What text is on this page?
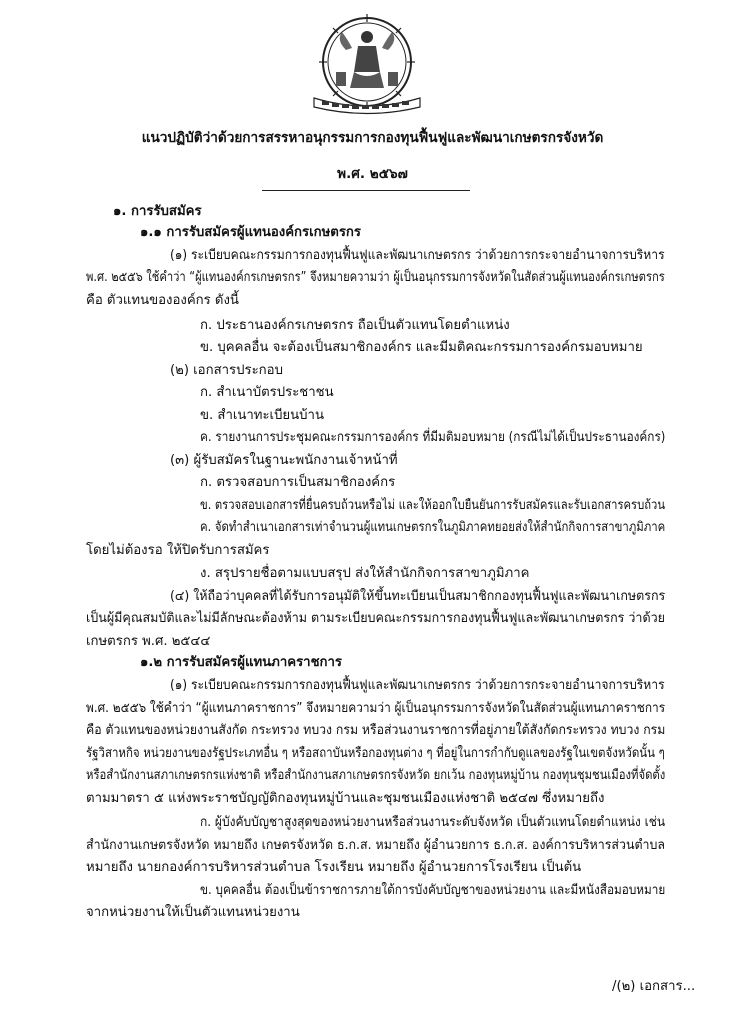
แนวปฏิบัติว่าด้วยการสรรหาอนุกรรมการกองทุนฟื้นฟูและพัฒนาเกษตรกรจังหวัด
พ.ศ. ๒๕๖๗
๑. การรับสมัคร
๑.๑ การรับสมัครผู้แทนองค์กรเกษตรกร
(๑) ระเบียบคณะกรรมการกองทุนฟื้นฟูและพัฒนาเกษตรกร ว่าด้วยการกระจายอำนาจการบริหาร
พ.ศ. ๒๕๕๖ ใช้คำว่า “ผู้แทนองค์กรเกษตรกร” จึงหมายความว่า ผู้เป็นอนุกรรมการจังหวัดในสัดส่วนผู้แทนองค์กรเกษตรกร
คือ ตัวแทนขององค์กร ดังนี้
ก. ประธานองค์กรเกษตรกร ถือเป็นตัวแทนโดยตำแหน่ง
ข. บุคคลอื่น จะต้องเป็นสมาชิกองค์กร และมีมติคณะกรรมการองค์กรมอบหมาย
(๒) เอกสารประกอบ
ก. สำเนาบัตรประชาชน
ข. สำเนาทะเบียนบ้าน
ค. รายงานการประชุมคณะกรรมการองค์กร ที่มีมติมอบหมาย (กรณีไม่ได้เป็นประธานองค์กร)
(๓) ผู้รับสมัครในฐานะพนักงานเจ้าหน้าที่
ก. ตรวจสอบการเป็นสมาชิกองค์กร
ข. ตรวจสอบเอกสารที่ยื่นครบถ้วนหรือไม่ และให้ออกใบยืนยันการรับสมัครและรับเอกสารครบถ้วน
ค. จัดทำสำเนาเอกสารเท่าจำนวนผู้แทนเกษตรกรในภูมิภาคทยอยส่งให้สำนักกิจการสาขาภูมิภาค
โดยไม่ต้องรอ ให้ปิดรับการสมัคร
ง. สรุปรายชื่อตามแบบสรุป ส่งให้สำนักกิจการสาขาภูมิภาค
(๔) ให้ถือว่าบุคคลที่ได้รับการอนุมัติให้ขึ้นทะเบียนเป็นสมาชิกกองทุนฟื้นฟูและพัฒนาเกษตรกร
เป็นผู้มีคุณสมบัติและไม่มีลักษณะต้องห้าม ตามระเบียบคณะกรรมการกองทุนฟื้นฟูและพัฒนาเกษตรกร ว่าด้วย
เกษตรกร พ.ศ. ๒๕๔๔
๑.๒ การรับสมัครผู้แทนภาคราชการ
(๑) ระเบียบคณะกรรมการกองทุนฟื้นฟูและพัฒนาเกษตรกร ว่าด้วยการกระจายอำนาจการบริหาร
พ.ศ. ๒๕๕๖ ใช้คำว่า “ผู้แทนภาคราชการ” จึงหมายความว่า ผู้เป็นอนุกรรมการจังหวัดในสัดส่วนผู้แทนภาคราชการ
คือ ตัวแทนของหน่วยงานสังกัด กระทรวง ทบวง กรม หรือส่วนงานราชการที่อยู่ภายใต้สังกัดกระทรวง ทบวง กรม
รัฐวิสาหกิจ หน่วยงานของรัฐประเภทอื่น ๆ หรือสถาบันหรือกองทุนต่าง ๆ ที่อยู่ในการกำกับดูแลของรัฐในเขตจังหวัดนั้น ๆ
หรือสำนักงานสภาเกษตรกรแห่งชาติ หรือสำนักงานสภาเกษตรกรจังหวัด ยกเว้น กองทุนหมู่บ้าน กองทุนชุมชนเมืองที่จัดตั้ง
ตามมาตรา ๕ แห่งพระราชบัญญัติกองทุนหมู่บ้านและชุมชนเมืองแห่งชาติ ๒๕๔๗ ซึ่งหมายถึง
ก. ผู้บังคับบัญชาสูงสุดของหน่วยงานหรือส่วนงานระดับจังหวัด เป็นตัวแทนโดยตำแหน่ง เช่น
สำนักงานเกษตรจังหวัด หมายถึง เกษตรจังหวัด ธ.ก.ส. หมายถึง ผู้อำนวยการ ธ.ก.ส. องค์การบริหารส่วนตำบล
หมายถึง นายกองค์การบริหารส่วนตำบล โรงเรียน หมายถึง ผู้อำนวยการโรงเรียน เป็นต้น
ข. บุคคลอื่น ต้องเป็นข้าราชการภายใต้การบังคับบัญชาของหน่วยงาน และมีหนังสือมอบหมาย
จากหน่วยงานให้เป็นตัวแทนหน่วยงาน
/(๒) เอกสาร...
